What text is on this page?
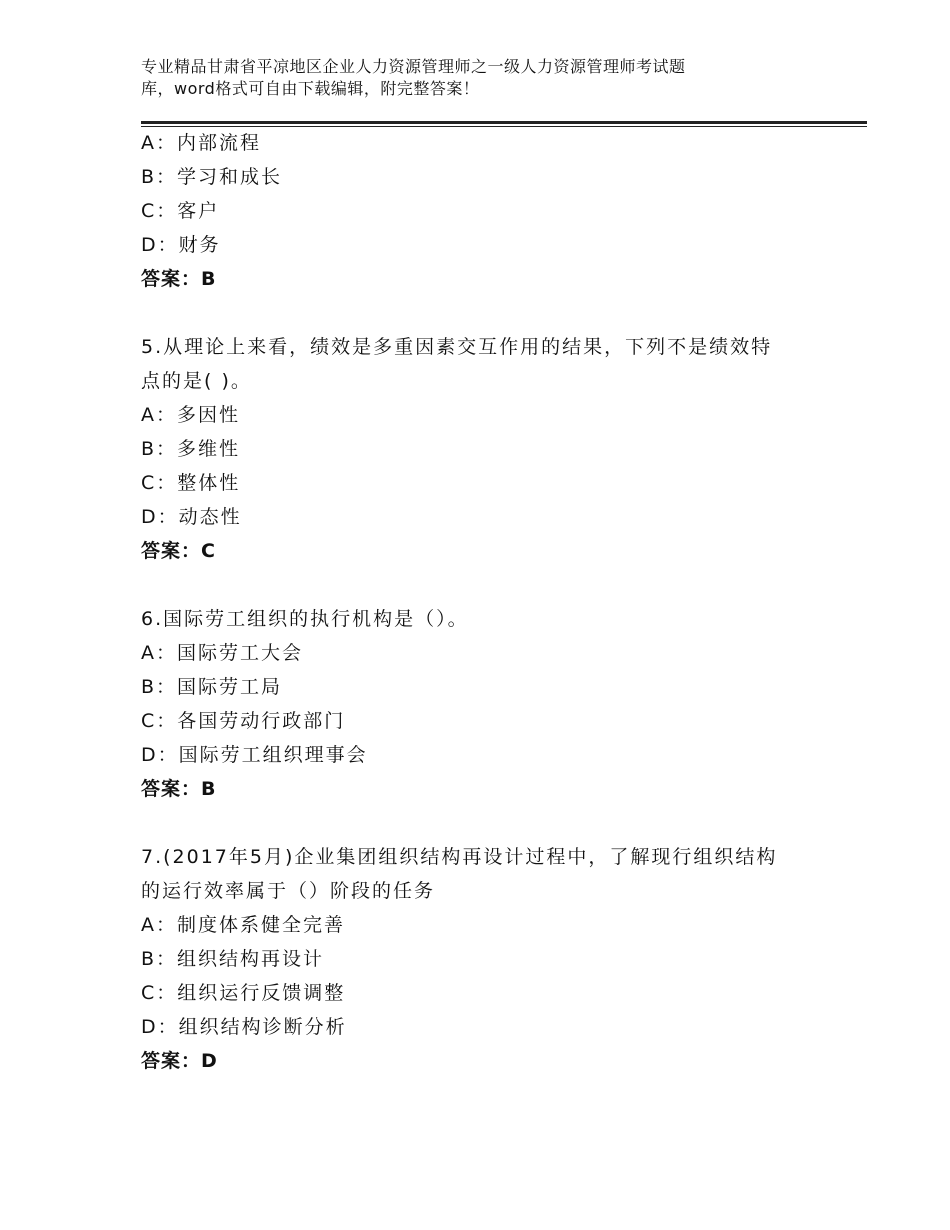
专业精品甘肃省平凉地区企业人力资源管理师之一级人力资源管理师考试题
库，word格式可自由下载编辑，附完整答案！
A：内部流程
B：学习和成长
C：客户
D：财务
答案：B
5.从理论上来看，绩效是多重因素交互作用的结果，下列不是绩效特
点的是( )。
A：多因性
B：多维性
C：整体性
D：动态性
答案：C
6.国际劳工组织的执行机构是（）。
A：国际劳工大会
B：国际劳工局
C：各国劳动行政部门
D：国际劳工组织理事会
答案：B
7.(2017年5月)企业集团组织结构再设计过程中，了解现行组织结构
的运行效率属于（）阶段的任务
A：制度体系健全完善
B：组织结构再设计
C：组织运行反馈调整
D：组织结构诊断分析
答案：D
